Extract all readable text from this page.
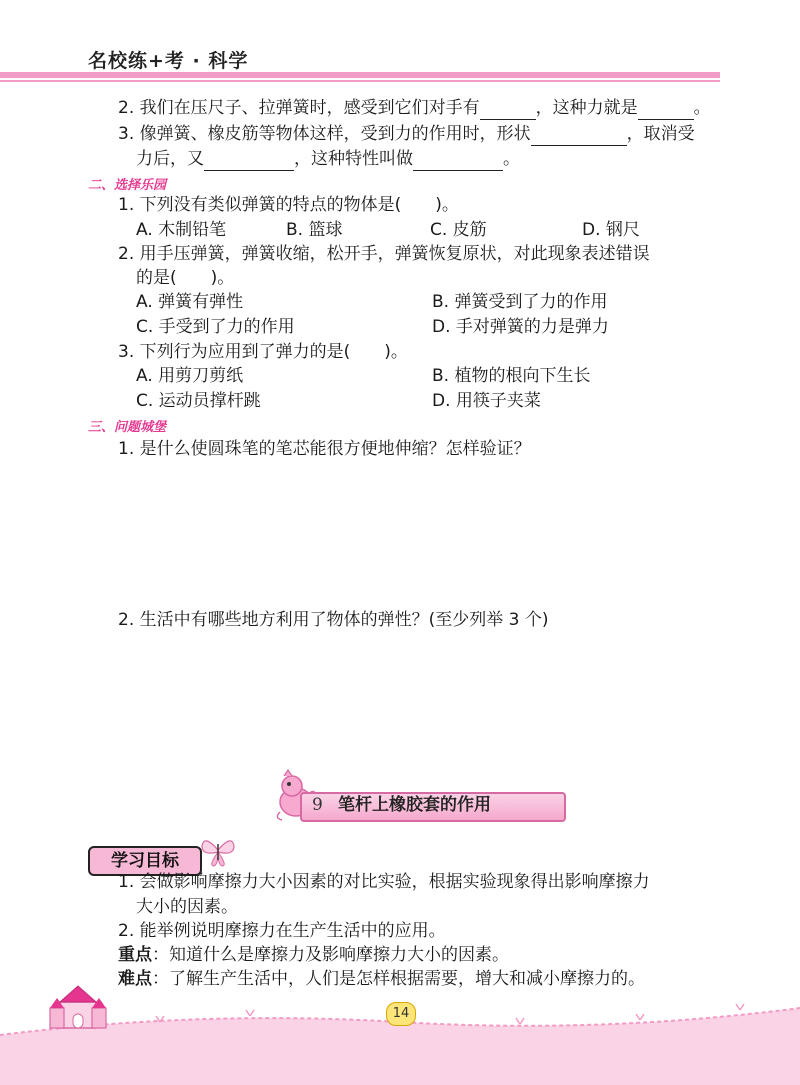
名校练+考 · 科学
2. 我们在压尺子、拉弹簧时，感受到它们对手有	，这种力就是	。
3. 像弹簧、橡皮筋等物体这样，受到力的作用时，形状	，取消受
力后，又	，这种特性叫做	。
二、选择乐园
1. 下列没有类似弹簧的特点的物体是(　　)。
A. 木制铅笔	B. 篮球	C. 皮筋	D. 钢尺
2. 用手压弹簧，弹簧收缩，松开手，弹簧恢复原状，对此现象表述错误
的是(　　)。
A. 弹簧有弹性	B. 弹簧受到了力的作用
C. 手受到了力的作用	D. 手对弹簧的力是弹力
3. 下列行为应用到了弹力的是(　　)。
A. 用剪刀剪纸	B. 植物的根向下生长
C. 运动员撑杆跳	D. 用筷子夹菜
三、问题城堡
1. 是什么使圆珠笔的笔芯能很方便地伸缩？怎样验证？
2. 生活中有哪些地方利用了物体的弹性？(至少列举 3 个)
9 笔杆上橡胶套的作用
学习目标
1. 会做影响摩擦力大小因素的对比实验，根据实验现象得出影响摩擦力
大小的因素。
2. 能举例说明摩擦力在生产生活中的应用。
重点：知道什么是摩擦力及影响摩擦力大小的因素。
难点：了解生产生活中，人们是怎样根据需要，增大和减小摩擦力的。
14
